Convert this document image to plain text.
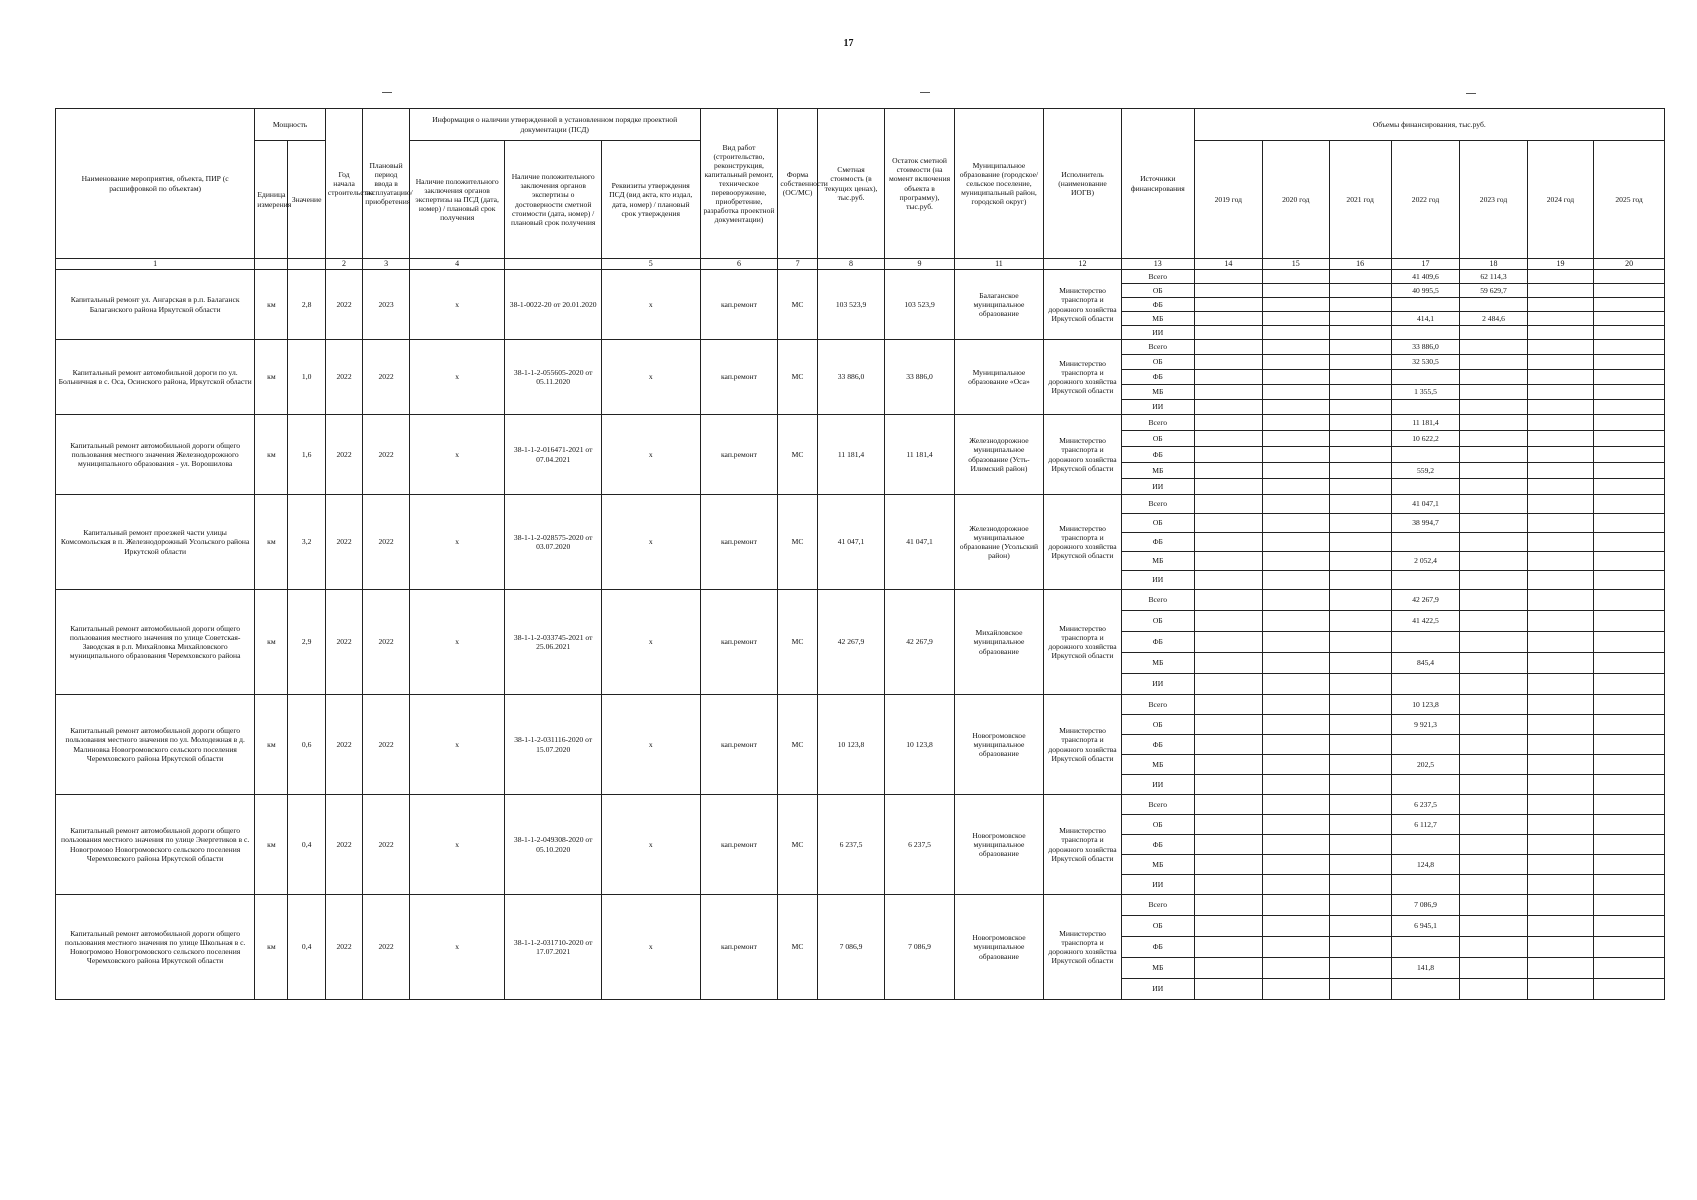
17
Наименование мероприятия, объекта, ПИР (с расшифровкой по объектам)	Мощность		Год начала строительства	Плановый период ввода в эксплуатацию/приобретения	Информация о наличии утвержденной в установленном порядке проектной документации (ПСД)			Вид работ (строительство, реконструкция, капитальный ремонт, техническое перевооружение, приобретение, разработка проектной документации)	Форма собственности (ОС/МС)	Сметная стоимость (в текущих ценах), тыс.руб.	Остаток сметной стоимости (на момент включения объекта в программу), тыс.руб.	Муниципальное образование (городское/сельское поселение, муниципальный район, городской округ)	Исполнитель (наименование ИОГВ)	Источники финансирования	Объемы финансирования, тыс.руб.						
	Единица измерения	Значение			Наличие положительного заключения органов экспертизы на ПСД (дата, номер) / плановый срок получения	Наличие положительного заключения органов экспертизы о достоверности сметной стоимости (дата, номер) / плановый срок получения	Реквизиты утверждения ПСД (вид акта, кто издал, дата, номер) / плановый срок утверждения								2019 год	2020 год	2021 год	2022 год	2023 год	2024 год	2025 год
1			2	3	4		5	6	7	8	9	11	12	13	14	15	16	17	18	19	20
Капитальный ремонт ул. Ангарская в р.п. Балаганск Балаганского района Иркутской области	км	2,8	2022	2023	х	38-1-0022-20 от 20.01.2020	х	кап.ремонт	МС	103 523,9	103 523,9	Балаганское муниципальное образование	Министерство транспорта и дорожного хозяйства Иркутской области	Всего				41 409,6	62 114,3		
														ОБ				40 995,5	59 629,7		
														ФБ							
														МБ				414,1	2 484,6		
														ИИ							
Капитальный ремонт автомобильной дороги по ул. Больничная в с. Оса, Осинского района, Иркутской области	км	1,0	2022	2022	х	38-1-1-2-055605-2020 от 05.11.2020	х	кап.ремонт	МС	33 886,0	33 886,0	Муниципальное образование «Оса»	Министерство транспорта и дорожного хозяйства Иркутской области	Всего				33 886,0			
														ОБ				32 530,5			
														ФБ							
														МБ				1 355,5			
														ИИ							
Капитальный ремонт автомобильной дороги общего пользования местного значения Железнодорожного муниципального образования - ул. Ворошилова	км	1,6	2022	2022	х	38-1-1-2-016471-2021 от 07.04.2021	х	кап.ремонт	МС	11 181,4	11 181,4	Железнодорожное муниципальное образование (Усть-Илимский район)	Министерство транспорта и дорожного хозяйства Иркутской области	Всего				11 181,4			
														ОБ				10 622,2			
														ФБ							
														МБ				559,2			
														ИИ							
Капитальный ремонт проезжей части улицы Комсомольская в п. Железнодорожный Усольского района Иркутской области	км	3,2	2022	2022	х	38-1-1-2-028575-2020 от 03.07.2020	х	кап.ремонт	МС	41 047,1	41 047,1	Железнодорожное муниципальное образование (Усольский район)	Министерство транспорта и дорожного хозяйства Иркутской области	Всего				41 047,1			
														ОБ				38 994,7			
														ФБ							
														МБ				2 052,4			
														ИИ							
Капитальный ремонт автомобильной дороги общего пользования местного значения по улице Советская-Заводская в р.п. Михайловка Михайловского муниципального образования Черемховского района	км	2,9	2022	2022	х	38-1-1-2-033745-2021 от 25.06.2021	х	кап.ремонт	МС	42 267,9	42 267,9	Михайловское муниципальное образование	Министерство транспорта и дорожного хозяйства Иркутской области	Всего				42 267,9			
														ОБ				41 422,5			
														ФБ							
														МБ				845,4			
														ИИ							
Капитальный ремонт автомобильной дороги общего пользования местного значения по ул. Молодежная в д. Малиновка Новогромовского сельского поселения Черемховского района Иркутской области	км	0,6	2022	2022	х	38-1-1-2-031116-2020 от 15.07.2020	х	кап.ремонт	МС	10 123,8	10 123,8	Новогромовское муниципальное образование	Министерство транспорта и дорожного хозяйства Иркутской области	Всего				10 123,8			
														ОБ				9 921,3			
														ФБ							
														МБ				202,5			
														ИИ							
Капитальный ремонт автомобильной дороги общего пользования местного значения по улице Энергетиков в с. Новогромово Новогромовского сельского поселения Черемховского района Иркутской области	км	0,4	2022	2022	х	38-1-1-2-049308-2020 от 05.10.2020	х	кап.ремонт	МС	6 237,5	6 237,5	Новогромовское муниципальное образование	Министерство транспорта и дорожного хозяйства Иркутской области	Всего				6 237,5			
														ОБ				6 112,7			
														ФБ							
														МБ				124,8			
														ИИ							
Капитальный ремонт автомобильной дороги общего пользования местного значения по улице Школьная в с. Новогромово Новогромовского сельского поселения Черемховского района Иркутской области	км	0,4	2022	2022	х	38-1-1-2-031710-2020 от 17.07.2021	х	кап.ремонт	МС	7 086,9	7 086,9	Новогромовское муниципальное образование	Министерство транспорта и дорожного хозяйства Иркутской области	Всего				7 086,9			
														ОБ				6 945,1			
														ФБ							
														МБ				141,8			
														ИИ							
